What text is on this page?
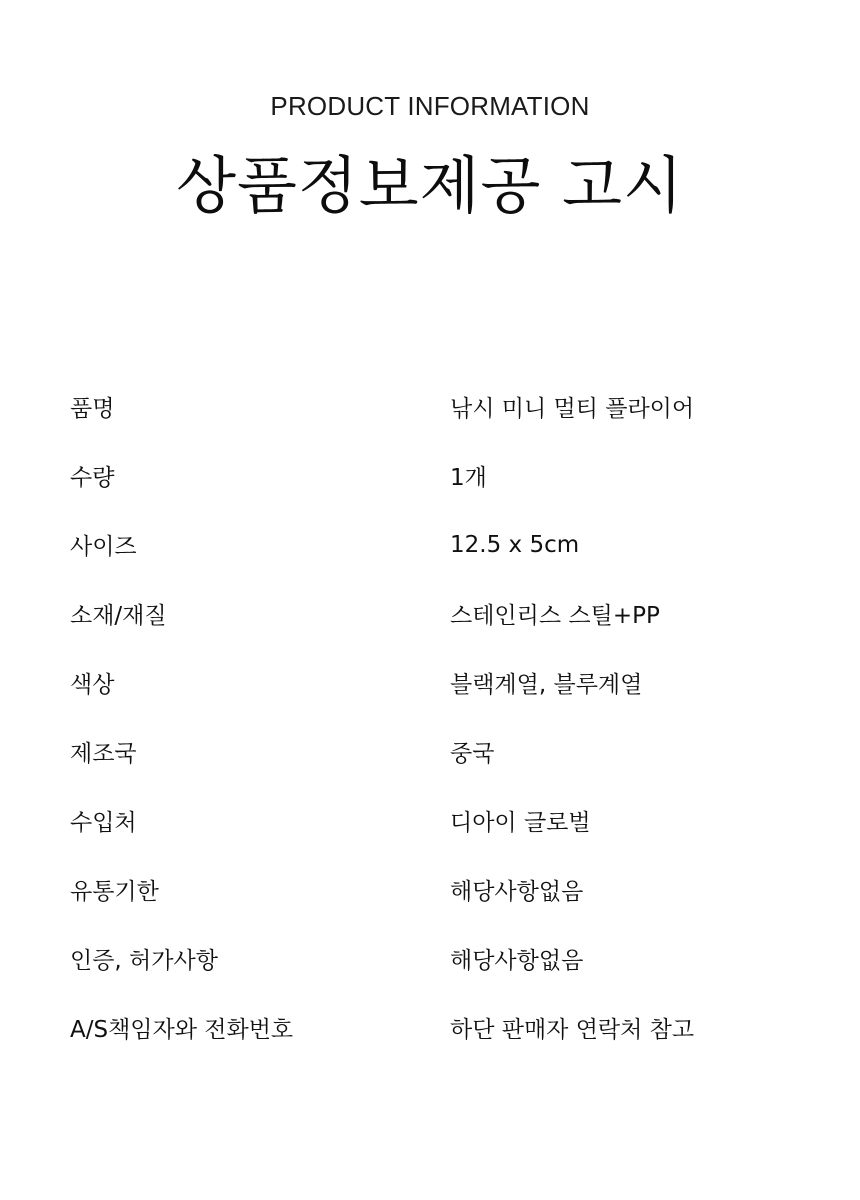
PRODUCT INFORMATION

상품정보제공 고시
품명	낚시 미니 멀티 플라이어
수량	1개
사이즈	12.5 x 5cm
소재/재질	스테인리스 스틸+PP
색상	블랙계열, 블루계열
제조국	중국
수입처	디아이 글로벌
유통기한	해당사항없음
인증, 허가사항	해당사항없음
A/S책임자와 전화번호	하단 판매자 연락처 참고
